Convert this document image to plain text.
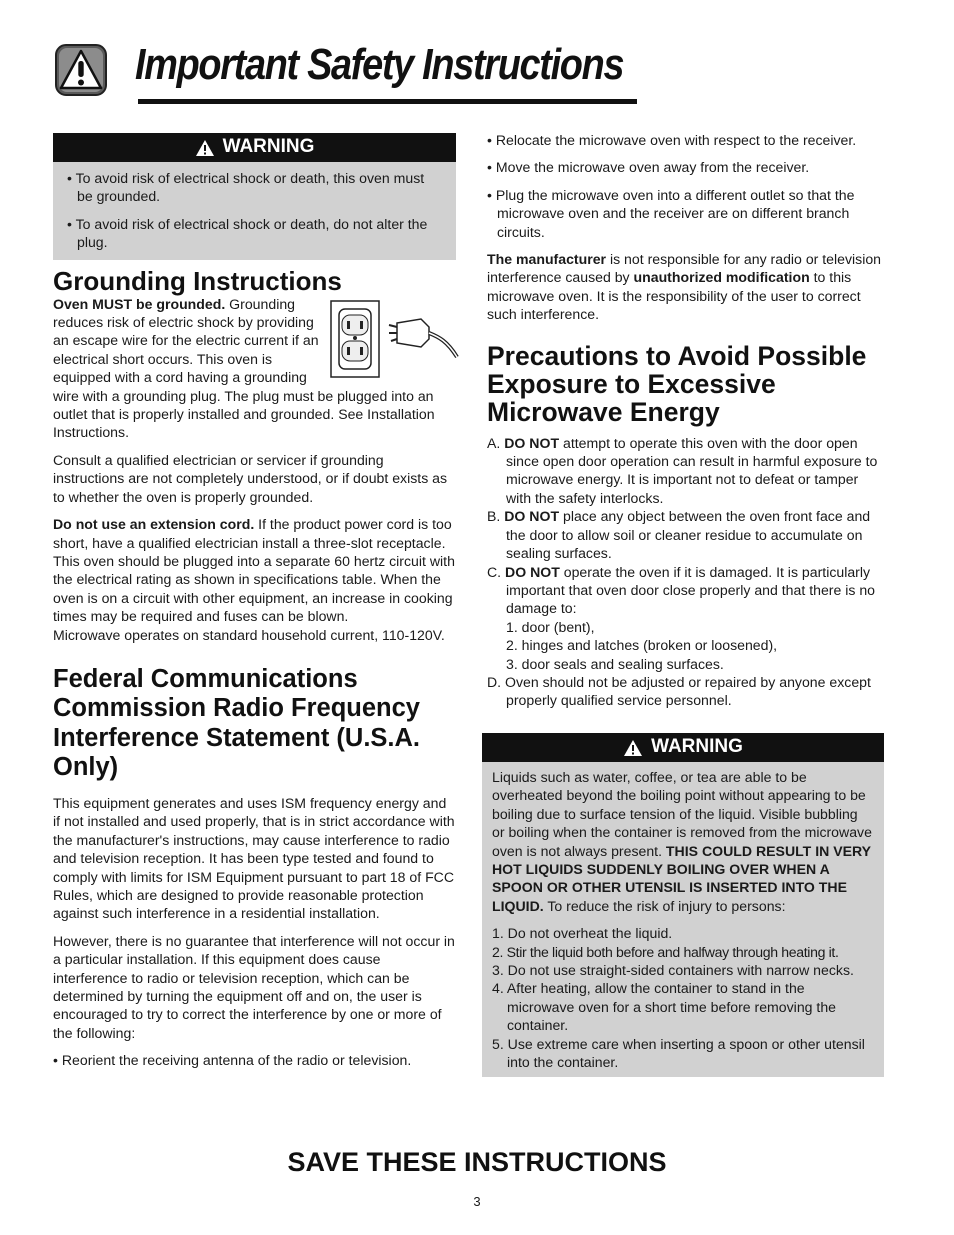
Important Safety Instructions
WARNING
• To avoid risk of electrical shock or death, this oven must be grounded.
• To avoid risk of electrical shock or death, do not alter the plug.
Grounding Instructions

Oven MUST be grounded. Grounding reduces risk of electric shock by providing an escape wire for the electric current if an electrical short occurs. This oven is equipped with a cord having a grounding wire with a grounding plug. The plug must be plugged into an outlet that is properly installed and grounded. See Installation Instructions.

Consult a qualified electrician or servicer if grounding instructions are not completely understood, or if doubt exists as to whether the oven is properly grounded.

Do not use an extension cord. If the product power cord is too short, have a qualified electrician install a three-slot receptacle. This oven should be plugged into a separate 60 hertz circuit with the electrical rating as shown in specifications table. When the oven is on a circuit with other equipment, an increase in cooking times may be required and fuses can be blown.

Microwave operates on standard household current, 110-120V.

Federal Communications Commission Radio Frequency Interference Statement (U.S.A. Only)

This equipment generates and uses ISM frequency energy and if not installed and used properly, that is in strict accordance with the manufacturer's instructions, may cause interference to radio and television reception. It has been type tested and found to comply with limits for ISM Equipment pursuant to part 18 of FCC Rules, which are designed to provide reasonable protection against such interference in a residential installation.

However, there is no guarantee that interference will not occur in a particular installation. If this equipment does cause interference to radio or television reception, which can be determined by turning the equipment off and on, the user is encouraged to try to correct the interference by one or more of the following:

• Reorient the receiving antenna of the radio or television.

• Relocate the microwave oven with respect to the receiver.

• Move the microwave oven away from the receiver.

• Plug the microwave oven into a different outlet so that the microwave oven and the receiver are on different branch circuits.

The manufacturer is not responsible for any radio or television interference caused by unauthorized modification to this microwave oven. It is the responsibility of the user to correct such interference.

Precautions to Avoid Possible Exposure to Excessive Microwave Energy
A. DO NOT attempt to operate this oven with the door open since open door operation can result in harmful exposure to microwave energy. It is important not to defeat or tamper with the safety interlocks.
B. DO NOT place any object between the oven front face and the door to allow soil or cleaner residue to accumulate on sealing surfaces.
C. DO NOT operate the oven if it is damaged. It is particularly important that oven door close properly and that there is no damage to:
1. door (bent),
2. hinges and latches (broken or loosened),
3. door seals and sealing surfaces.
D. Oven should not be adjusted or repaired by anyone except properly qualified service personnel.
WARNING

Liquids such as water, coffee, or tea are able to be overheated beyond the boiling point without appearing to be boiling due to surface tension of the liquid. Visible bubbling or boiling when the container is removed from the microwave oven is not always present. THIS COULD RESULT IN VERY HOT LIQUIDS SUDDENLY BOILING OVER WHEN A SPOON OR OTHER UTENSIL IS INSERTED INTO THE LIQUID. To reduce the risk of injury to persons:

1. Do not overheat the liquid.
2. Stir the liquid both before and halfway through heating it.
3. Do not use straight-sided containers with narrow necks.
4. After heating, allow the container to stand in the microwave oven for a short time before removing the container.
5. Use extreme care when inserting a spoon or other utensil into the container.
SAVE THESE INSTRUCTIONS
3
